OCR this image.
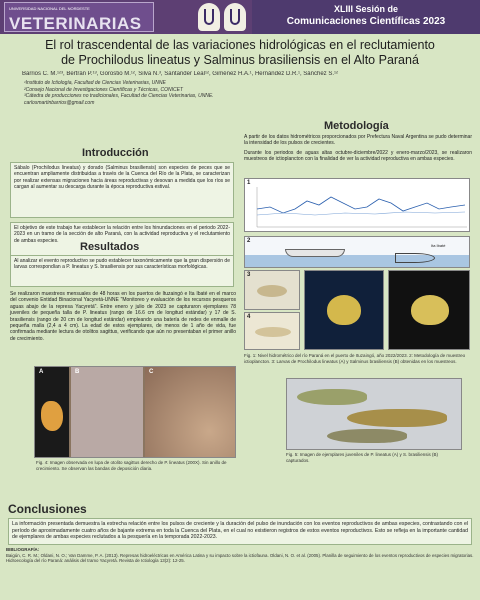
UNIVERSIDAD NACIONAL DEL NORDESTE
VETERINARIAS
XLIII Sesión de
Comunicaciones Científicas 2023
El rol trascendental de las variaciones hidrológicas en el reclutamiento
de Prochilodus lineatus y Salminus brasiliensis en el Alto Paraná
Barrios C. M.¹²³, Bertrán P.¹³, Gorostio M.¹², Silva N.³, Santander Leal¹², Giménez H.A.¹, Hernández D.R.¹, Sánchez S.¹²
¹Instituto de Ictiología, Facultad de Ciencias Veterinarias, UNNE
²Consejo Nacional de Investigaciones Científicas y Técnicas, CONICET
³Cátedra de producciones no tradicionales, Facultad de Ciencias Veterinarias, UNNE.
carlosmartinbarrios@gmail.com
Introducción
Sábalo (Prochilodus lineatus) y dorado (Salminus brasiliensis) son especies de peces que se encuentran ampliamente distribuidas a través de la Cuenca del Río de la Plata, se caracterizan por realizar extensas migraciones hacia áreas reproductivas y desovan a medida que los ríos se cargan al aumentar su descarga durante la época reproductiva estival.
El objetivo de este trabajo fue establecer la relación entre los hinundaciones en el periodo 2022-2023 en un tramo de la sección de alto Paraná, con la actividad reproductiva y el reclutamiento de ambas especies.
Resultados
Al analizar el evento reproductivo se pudo establecer taxonómicamente que la gran dispersión de larvas correspondían a P. lineatus y S. brasiliensis por sus características morfológicas.
Se realizaron muestreos mensuales de 48 horas en los puertos de Ituzaingó e Ita Ibaté en el marco del convenio Entidad Binacional Yacyretá-UNNE "Monitoreo y evaluación de los recursos pesqueros aguas abajo de la represa Yacyretá". Entre enero y julio de 2023 se capturaron ejemplares 78 juveniles de pequeña talla de P. lineatus (rango de 16.6 cm de longitud estándar) y 17 de S. brasiliensis (rango de 20 cm de longitud estándar) empleando una batería de redes de enmalle de pequeña malla (2,4 a 4 cm). La edad de estos ejemplares, de menos de 1 año de vida, fue confirmada mediante lectura de otolitos sagittus, verificando que aún no presentaban el primer anillo de crecimiento.
A	B	C
Fig. 4: Imagen observada en lupa de otolito sagittus derecho de P. lineatus (200X). Sin anillo de crecimiento. Se observan las bandas de deposición diaria.
Metodología
A partir de los datos hidrométricos proporcionados por Prefectura Naval Argentina se pudo determinar la intensidad de los pulsos de crecientes.
Durante los periodos de aguas altas octubre-diciembre/2022 y enero-marzo/2023, se realizaron muestreos de ictioplancton con la finalidad de ver la actividad reproductiva en ambas especies.
1
2
Ita Ibaté
3
4
Fig. 1: Nivel hidrométrico del río Paraná en el puerto de Ituzaingó, año 2022/2023. 2: Metodología de muestreo ictioplancton. 3: Larvas de Prochilodus lineatus (A) y Salminus brasiliensis (B) obtenidas en los muestreos.
Fig. 5: Imagen de ejemplares juveniles de P. lineatus (A) y S. brasiliensis (B) capturados.
Conclusiones
La información presentada demuestra la estrecha relación entre los pulsos de creciente y la duración del pulso de inundación con los eventos reproductivos de ambas especies, contrastando con el período de aproximadamente cuatro años de bajante extrema en toda la Cuenca del Plata, en el cual no existieron registros de estos eventos reproductivos. Esto se refleja en la importante cantidad de ejemplares de ambas especies reclutados a la pesquería en la temporada 2022-2023.
BIBLIOGRAFÍA:
Baigún, C. R. M.; Oldani, N. O.; Van Damme, P. A. (2013). Represas hidroeléctricas en América Latina y su impacto sobre la ictiofauna. Oldani, N. O. et al. (2005). Planilla de seguimiento de los eventos reproductivos de especies migratorias. Hidroecología del río Paraná: análisis del tramo Yacyretá. Revista de Ictiología 13(2): 12-25.
